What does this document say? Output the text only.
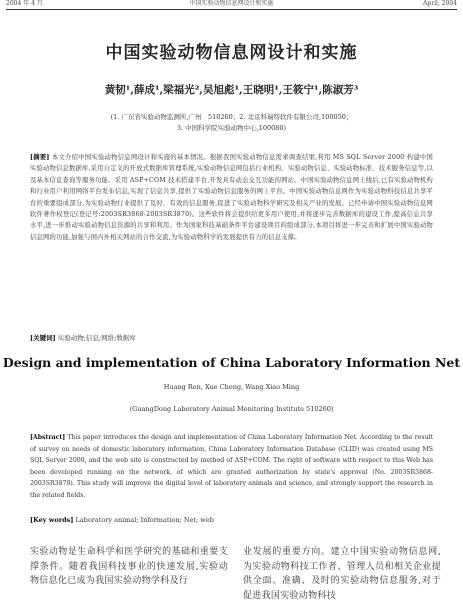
2004 年 4 月	中国实验动物信息网设计和实施	April, 2004
中国实验动物信息网设计和实施
黄韧¹,薛成¹,梁福光²,吴旭彪¹,王晓明¹,王筱宁¹,陈淑芳³
(1. 广东省实验动物监测所,广州　510260；2. 北京科瑞特软件有限公司,100050；
3. 中国科学院实验动物中心,100080)
[摘要] 本文介绍中国实验动物信息网设计和实施的基本情况。根据我国实验动物信息需求调查结果,利用 MS SQL Server 2000 构建中国实验动物信息数据库,采用自定义的开放式数据库管理系统,实验动物信息网包括行业机构、实验动物信息、实验动物标准、技术服务信息等,以及基本信息查询等服务功能。采用 ASP+COM 技术搭建平台,开发具有动态交互功能的网站。中国实验动物信息网上线后,已有实验动物机构和行业用户利用网络平台发布信息,实现了信息共享,提供了实验动物信息服务的网上平台。中国实验动物信息网作为实验动物科技信息共享平台的重要组成部分,为实验动物行业提供了及时、有效的信息服务,促进了实验动物科学研究及相关产业的发展。已经申请中国实验动物信息网软件著作权登记(登记号:2003SR3868-2003SR3870)。这些软件将会提供给更多用户使用,并将逐步完善数据库的建设工作,提高信息共享水平,进一步推动实验动物信息资源的共享和利用。作为国家科技基础条件平台建设项目的组成部分,本项目将进一步完善和扩展中国实验动物信息网的功能,加强与国内外相关网站的合作交流,为实验动物科学的发展提供有力的信息支撑。
[关键词] 实验动物;信息;网络;数据库
Design and implementation of China Laboratory Information Net
Huang Ren, Xue Cheng, Wang Xiao Ming
(GuangDong Laboratory Animal Monitoring Institute 510260)
[Abstract] This paper introduces the design and implementation of China Laboratory Information Net. According to the result of survey on needs of domestic laboratory information, China Laboratory Information Database (CLID) was created using MS SQL Server 2000, and the web site is constructed by method of ASP+COM. The right of software with respect to this Web has been developed running on the network, of which are granted authorization by state's approval (No. 2003SR3868-2003SR3870). This study will improve the digital level of laboratory animals and science, and strongly support the research in the related fields.
[Key words] Laboratory animal; Information; Net; web
实验动物是生命科学和医学研究的基础和重要支撑条件。随着我国科技事业的快速发展,实验动物信息化已成为我国实验动物学科及行
业发展的重要方向。建立中国实验动物信息网,为实验动物科技工作者、管理人员和相关企业提供全面、准确、及时的实验动物信息服务,对于促进我国实验动物科技
